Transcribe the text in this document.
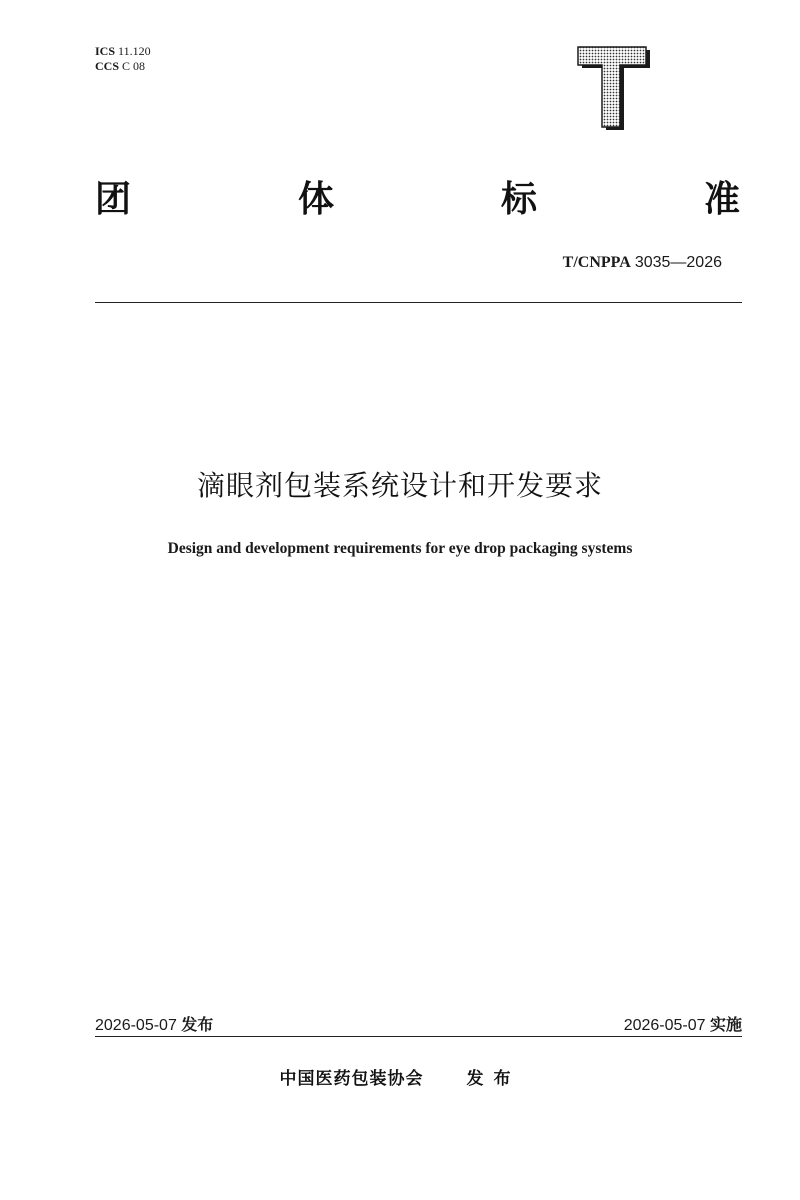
ICS 11.120
CCS C 08
团	体	标	准
T/CNPPA 3035—2026
滴眼剂包装系统设计和开发要求
Design and development requirements for eye drop packaging systems
2026-05-07 发布	2026-05-07 实施
中国医药包装协会	发布
